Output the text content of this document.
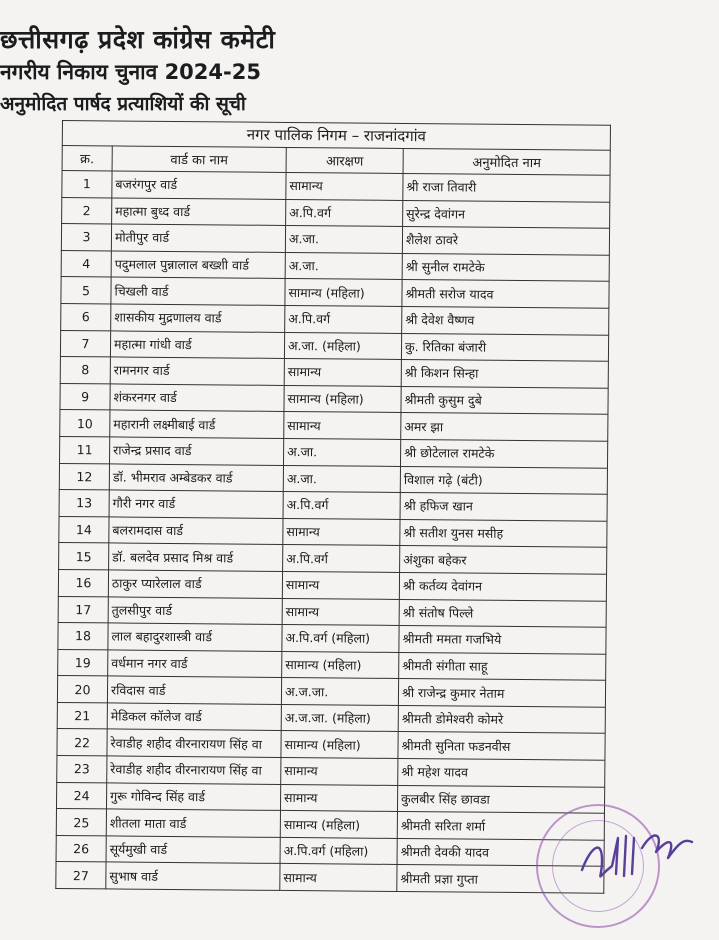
छत्तीसगढ़ प्रदेश कांग्रेस कमेटी
नगरीय निकाय चुनाव 2024-25
अनुमोदित पार्षद प्रत्याशियों की सूची
नगर पालिक निगम – राजनांदगांव			
क्र.	वार्ड का नाम	आरक्षण	अनुमोदित नाम
1	बजरंगपुर वार्ड	सामान्य	श्री राजा तिवारी
2	महात्मा बुध्द वार्ड	अ.पि.वर्ग	सुरेन्द्र देवांगन
3	मोतीपुर वार्ड	अ.जा.	शैलेश ठावरे
4	पदुमलाल पुन्नालाल बख्शी वार्ड	अ.जा.	श्री सुनील रामटेके
5	चिखली वार्ड	सामान्य (महिला)	श्रीमती सरोज यादव
6	शासकीय मुद्रणालय वार्ड	अ.पि.वर्ग	श्री देवेश वैष्णव
7	महात्मा गांधी वार्ड	अ.जा. (महिला)	कु. रितिका बंजारी
8	रामनगर वार्ड	सामान्य	श्री किशन सिन्हा
9	शंकरनगर वार्ड	सामान्य (महिला)	श्रीमती कुसुम दुबे
10	महारानी लक्ष्मीबाई वार्ड	सामान्य	अमर झा
11	राजेन्द्र प्रसाद वार्ड	अ.जा.	श्री छोटेलाल रामटेके
12	डॉ. भीमराव अम्बेडकर वार्ड	अ.जा.	विशाल गढ़े (बंटी)
13	गौरी नगर वार्ड	अ.पि.वर्ग	श्री हफिज खान
14	बलरामदास वार्ड	सामान्य	श्री सतीश युनस मसीह
15	डॉ. बलदेव प्रसाद मिश्र वार्ड	अ.पि.वर्ग	अंशुका बहेकर
16	ठाकुर प्यारेलाल वार्ड	सामान्य	श्री कर्तव्य देवांगन
17	तुलसीपुर वार्ड	सामान्य	श्री संतोष पिल्ले
18	लाल बहादुरशास्त्री वार्ड	अ.पि.वर्ग (महिला)	श्रीमती ममता गजभिये
19	वर्धमान नगर वार्ड	सामान्य (महिला)	श्रीमती संगीता साहू
20	रविदास वार्ड	अ.ज.जा.	श्री राजेन्द्र कुमार नेताम
21	मेडिकल कॉलेज वार्ड	अ.ज.जा. (महिला)	श्रीमती डोमेश्वरी कोमरे
22	रेवाडीह शहीद वीरनारायण सिंह वा	सामान्य (महिला)	श्रीमती सुनिता फडनवीस
23	रेवाडीह शहीद वीरनारायण सिंह वा	सामान्य	श्री महेश यादव
24	गुरू गोविन्द सिंह वार्ड	सामान्य	कुलबीर सिंह छावडा
25	शीतला माता वार्ड	सामान्य (महिला)	श्रीमती सरिता शर्मा
26	सूर्यमुखी वार्ड	अ.पि.वर्ग (महिला)	श्रीमती देवकी यादव
27	सुभाष वार्ड	सामान्य	श्रीमती प्रज्ञा गुप्ता
